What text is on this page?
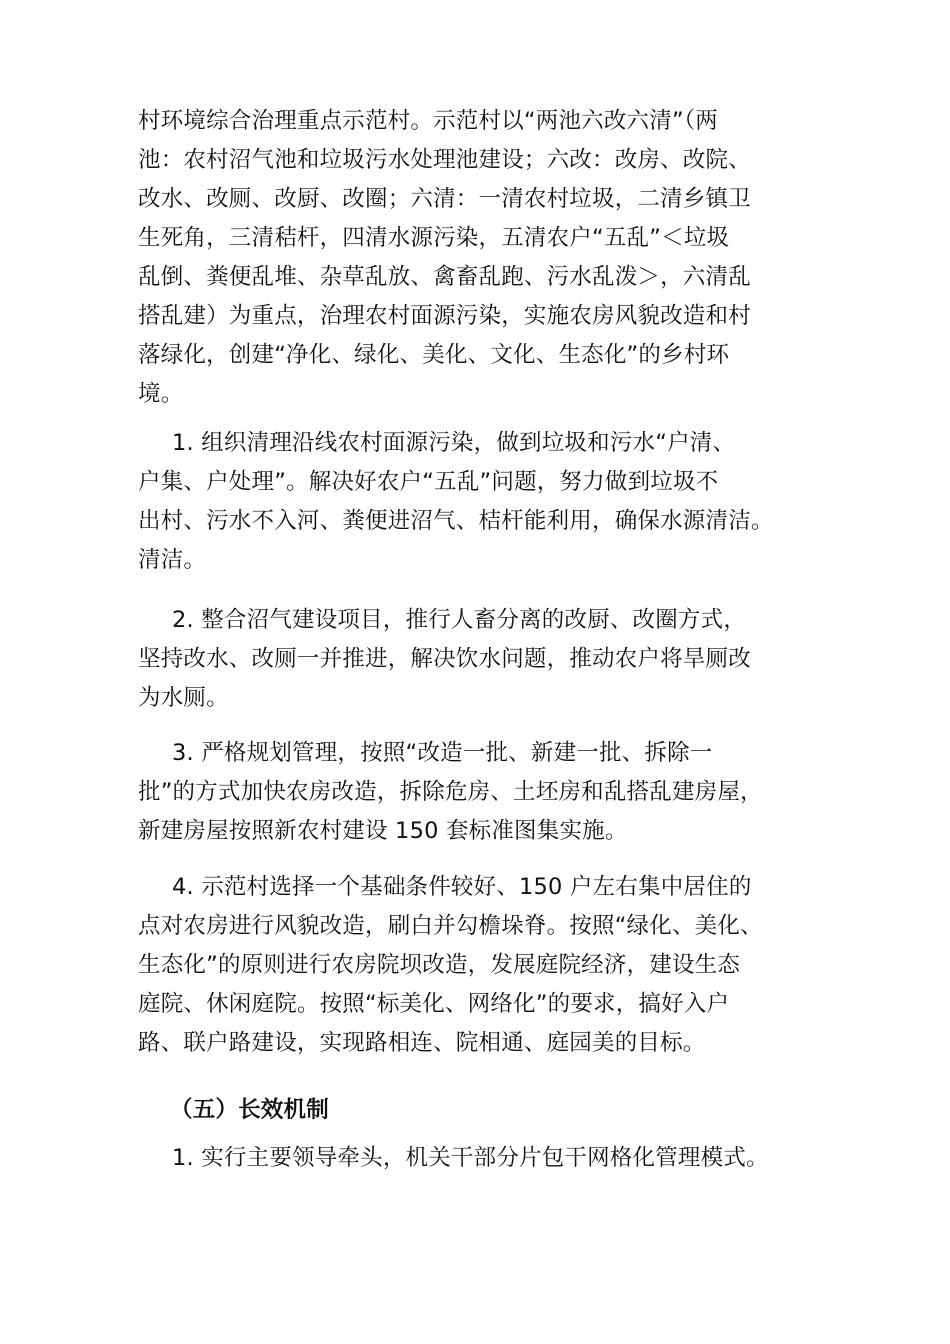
村环境综合治理重点示范村。示范村以“两池六改六清”（两
池：农村沼气池和垃圾污水处理池建设；六改：改房、改院、
改水、改厕、改厨、改圈；六清：一清农村垃圾，二清乡镇卫
生死角，三清秸杆，四清水源污染，五清农户“五乱”＜垃圾
乱倒、粪便乱堆、杂草乱放、禽畜乱跑、污水乱泼＞，六清乱
搭乱建）为重点，治理农村面源污染，实施农房风貌改造和村
落绿化，创建“净化、绿化、美化、文化、生态化”的乡村环
境。
1. 组织清理沿线农村面源污染，做到垃圾和污水“户清、
户集、户处理”。解决好农户“五乱”问题，努力做到垃圾不
出村、污水不入河、粪便进沼气、桔杆能利用，确保水源清洁。
清洁。
2. 整合沼气建设项目，推行人畜分离的改厨、改圈方式，
坚持改水、改厕一并推进，解决饮水问题，推动农户将旱厕改
为水厕。
3. 严格规划管理，按照“改造一批、新建一批、拆除一
批”的方式加快农房改造，拆除危房、土坯房和乱搭乱建房屋，
新建房屋按照新农村建设 150 套标准图集实施。
4. 示范村选择一个基础条件较好、150 户左右集中居住的
点对农房进行风貌改造，刷白并勾檐垛脊。按照“绿化、美化、
生态化”的原则进行农房院坝改造，发展庭院经济，建设生态
庭院、休闲庭院。按照“标美化、网络化”的要求，搞好入户
路、联户路建设，实现路相连、院相通、庭园美的目标。
（五）长效机制
1. 实行主要领导牵头，机关干部分片包干网格化管理模式。
